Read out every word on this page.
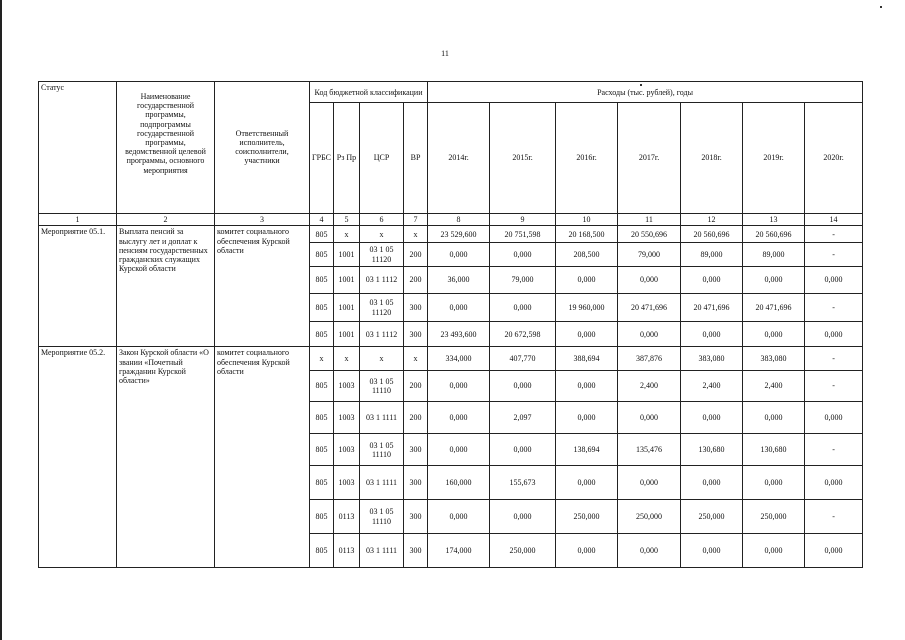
11
Статус	Наименование государственной программы, подпрограммы государственной программы, ведомственной целевой программы, основного мероприятия	Ответственный исполнитель, соисполнители, участники	Код бюджетной классификации				Расходы (тыс. рублей), годы						
			ГРБС	Рз Пр	ЦСР	ВР	2014г.	2015г.	2016г.	2017г.	2018г.	2019г.	2020г.
1	2	3	4	5	6	7	8	9	10	11	12	13	14
Мероприятие 05.1.	Выплата пенсий за выслугу лет и доплат к пенсиям государственных гражданских служащих Курской области	комитет социального обеспечения Курской области	805	х	х	х	23 529,600	20 751,598	20 168,500	20 550,696	20 560,696	20 560,696	-
			805	1001	03 1 05 11120	200	0,000	0,000	208,500	79,000	89,000	89,000	-
			805	1001	03 1 1112	200	36,000	79,000	0,000	0,000	0,000	0,000	0,000
			805	1001	03 1 05 11120	300	0,000	0,000	19 960,000	20 471,696	20 471,696	20 471,696	-
			805	1001	03 1 1112	300	23 493,600	20 672,598	0,000	0,000	0,000	0,000	0,000
Мероприятие 05.2.	Закон Курской области «О звании «Почетный гражданин Курской области»	комитет социального обеспечения Курской области	х	х	х	х	334,000	407,770	388,694	387,876	383,080	383,080	-
			805	1003	03 1 05 11110	200	0,000	0,000	0,000	2,400	2,400	2,400	-
			805	1003	03 1 1111	200	0,000	2,097	0,000	0,000	0,000	0,000	0,000
			805	1003	03 1 05 11110	300	0,000	0,000	138,694	135,476	130,680	130,680	-
			805	1003	03 1 1111	300	160,000	155,673	0,000	0,000	0,000	0,000	0,000
			805	0113	03 1 05 11110	300	0,000	0,000	250,000	250,000	250,000	250,000	-
			805	0113	03 1 1111	300	174,000	250,000	0,000	0,000	0,000	0,000	0,000
